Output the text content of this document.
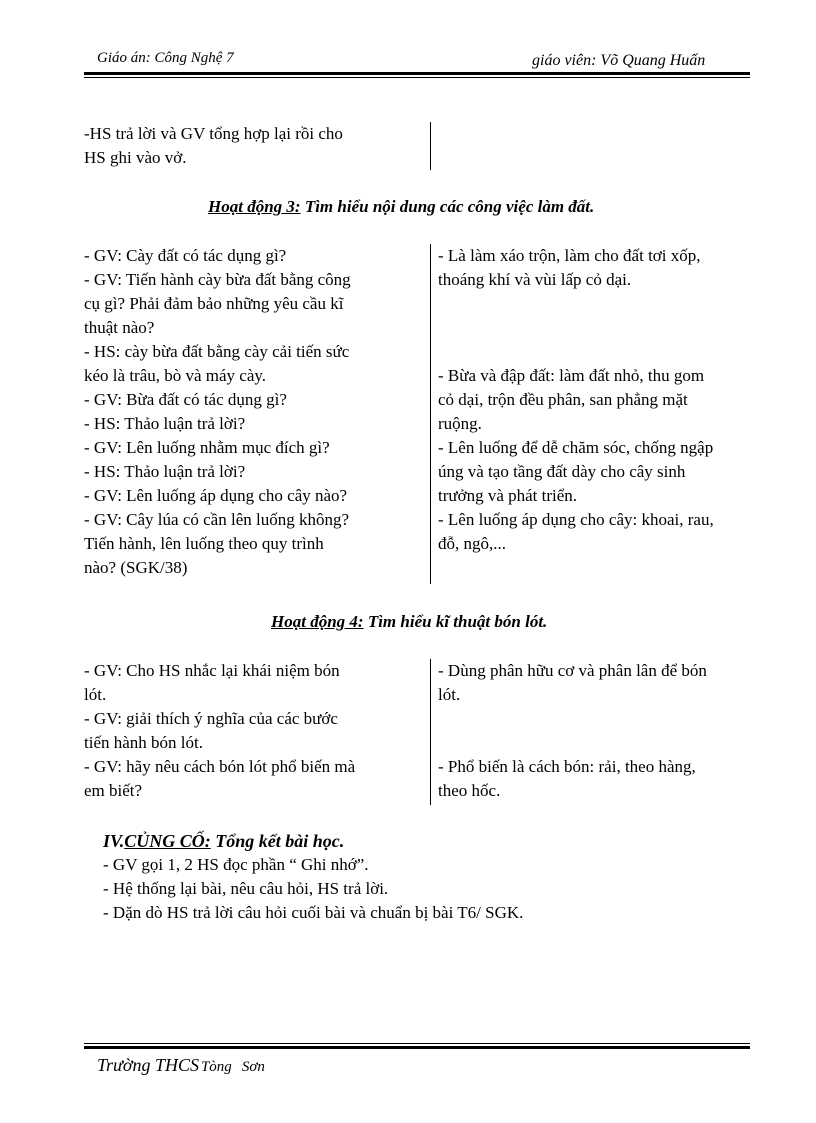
Giáo án: Công Nghệ 7	giáo viên: Võ Quang Huấn
-HS trả lời và GV tổng hợp lại rồi cho
HS ghi vào vở.
Hoạt động 3: Tìm hiểu nội dung các công việc làm đất.
- GV: Cày đất có tác dụng gì?
- GV: Tiến hành cày bừa đất bằng công
cụ gì? Phải đảm bảo những yêu cầu kĩ
thuật nào?
- HS: cày bừa đất bằng cày cải tiến sức
kéo là trâu, bò và máy cày.
- GV: Bừa đất có tác dụng gì?
- HS: Thảo luận trả lời?
- GV: Lên luống nhằm mục đích gì?
- HS: Thảo luận trả lời?
- GV: Lên luống áp dụng cho cây nào?
- GV: Cây lúa có cần lên luống không?
Tiến hành, lên luống theo quy trình
nào? (SGK/38)
- Là làm xáo trộn, làm cho đất tơi xốp,
thoáng khí và vùi lấp cỏ dại.

- Bừa và đập đất: làm đất nhỏ, thu gom
cỏ dại, trộn đều phân, san phẳng mặt
ruộng.
- Lên luống để dễ chăm sóc, chống ngập
úng và tạo tầng đất dày cho cây sinh
trưởng và phát triển.
- Lên luống áp dụng cho cây: khoai, rau,
đỗ, ngô,...
Hoạt động 4: Tìm hiểu kĩ thuật bón lót.
- GV: Cho HS nhắc lại khái niệm bón
lót.
- GV: giải thích ý nghĩa của các bước
tiến hành bón lót.
- GV: hãy nêu cách bón lót phổ biến mà
em biết?
- Dùng phân hữu cơ và phân lân để bón
lót.

- Phổ biến là cách bón: rải, theo hàng,
theo hốc.
IV.CỦNG CỐ: Tổng kết bài học.
- GV gọi 1, 2 HS đọc phần “ Ghi nhớ”.
- Hệ thống lại bài, nêu câu hỏi, HS trả lời.
- Dặn dò HS trả lời câu hỏi cuối bài và chuẩn bị bài T6/ SGK.
Trường THCS Tòng Sơn
